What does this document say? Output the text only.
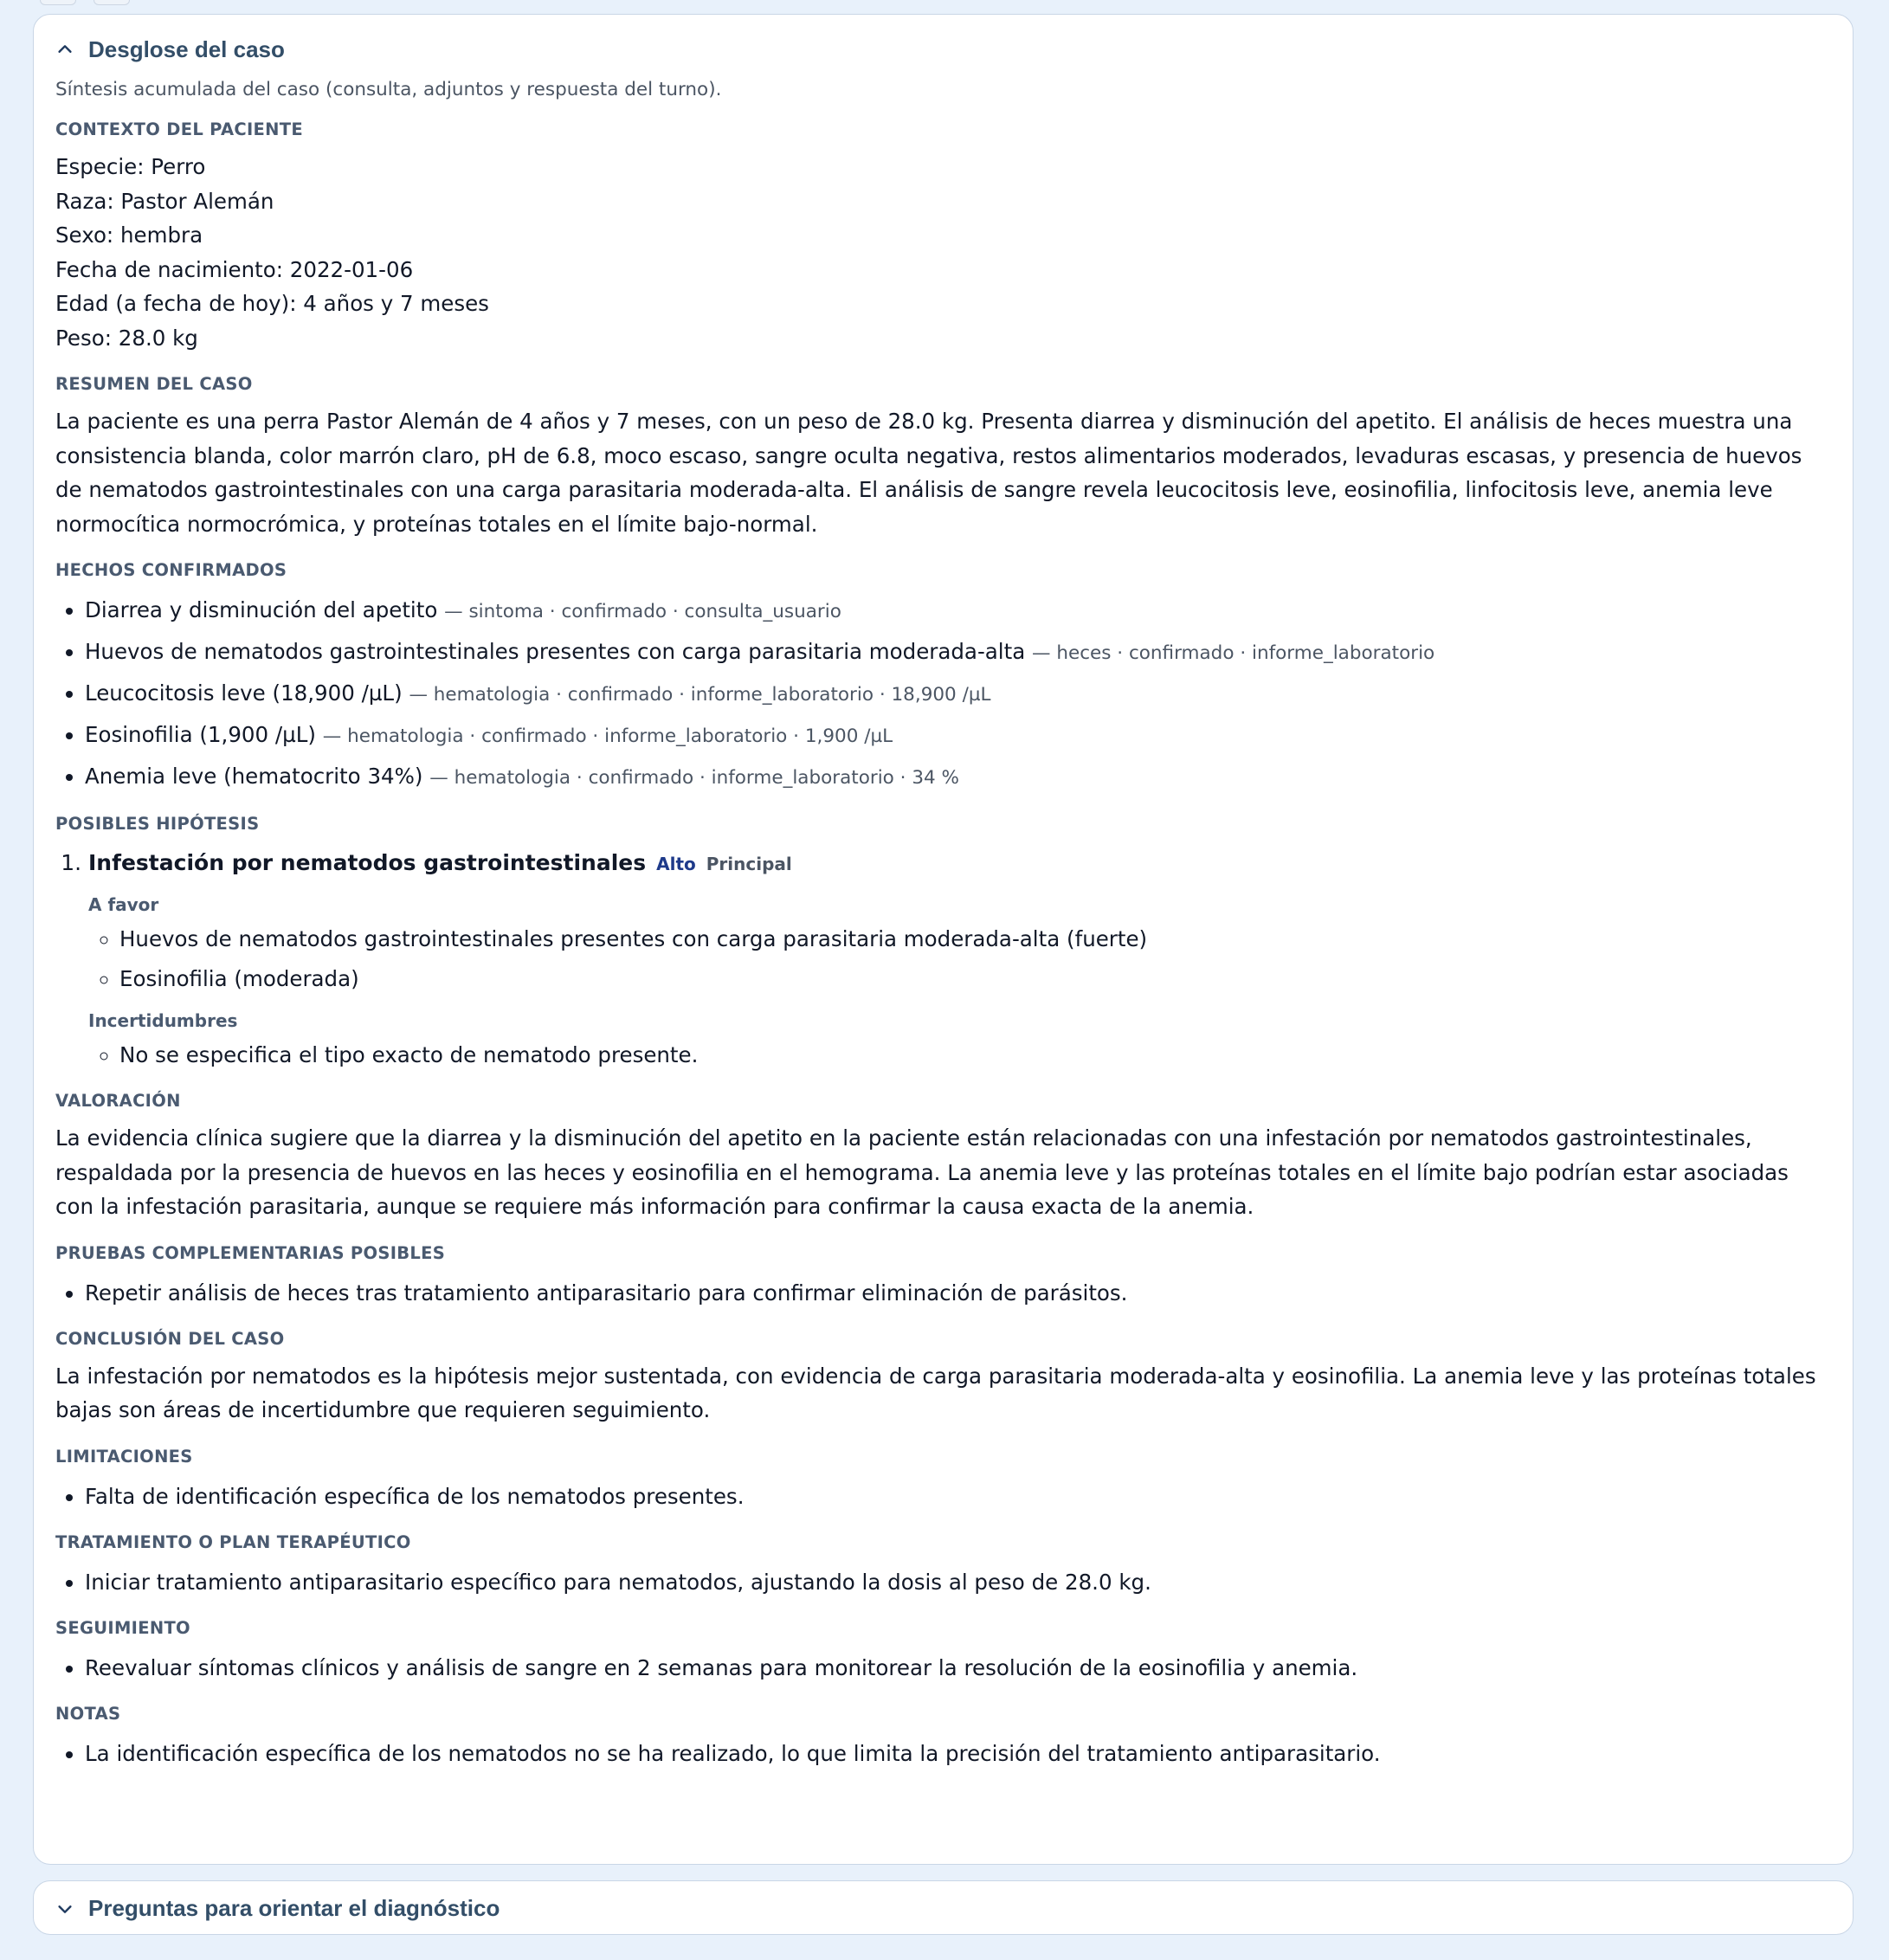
Desglose del caso
Síntesis acumulada del caso (consulta, adjuntos y respuesta del turno).
CONTEXTO DEL PACIENTE
Especie: Perro
Raza: Pastor Alemán
Sexo: hembra
Fecha de nacimiento: 2022-01-06
Edad (a fecha de hoy): 4 años y 7 meses
Peso: 28.0 kg
RESUMEN DEL CASO
La paciente es una perra Pastor Alemán de 4 años y 7 meses, con un peso de 28.0 kg. Presenta diarrea y disminución del apetito. El análisis de heces muestra una consistencia blanda, color marrón claro, pH de 6.8, moco escaso, sangre oculta negativa, restos alimentarios moderados, levaduras escasas, y presencia de huevos de nematodos gastrointestinales con una carga parasitaria moderada-alta. El análisis de sangre revela leucocitosis leve, eosinofilia, linfocitosis leve, anemia leve normocítica normocrómica, y proteínas totales en el límite bajo-normal.
HECHOS CONFIRMADOS
• Diarrea y disminución del apetito — sintoma · confirmado · consulta_usuario
• Huevos de nematodos gastrointestinales presentes con carga parasitaria moderada-alta — heces · confirmado · informe_laboratorio
• Leucocitosis leve (18,900 /µL) — hematologia · confirmado · informe_laboratorio · 18,900 /µL
• Eosinofilia (1,900 /µL) — hematologia · confirmado · informe_laboratorio · 1,900 /µL
• Anemia leve (hematocrito 34%) — hematologia · confirmado · informe_laboratorio · 34 %
POSIBLES HIPÓTESIS
1. Infestación por nematodos gastrointestinales Alto Principal
A favor
◦ Huevos de nematodos gastrointestinales presentes con carga parasitaria moderada-alta (fuerte)
◦ Eosinofilia (moderada)
Incertidumbres
◦ No se especifica el tipo exacto de nematodo presente.
VALORACIÓN
La evidencia clínica sugiere que la diarrea y la disminución del apetito en la paciente están relacionadas con una infestación por nematodos gastrointestinales, respaldada por la presencia de huevos en las heces y eosinofilia en el hemograma. La anemia leve y las proteínas totales en el límite bajo podrían estar asociadas con la infestación parasitaria, aunque se requiere más información para confirmar la causa exacta de la anemia.
PRUEBAS COMPLEMENTARIAS POSIBLES
• Repetir análisis de heces tras tratamiento antiparasitario para confirmar eliminación de parásitos.
CONCLUSIÓN DEL CASO
La infestación por nematodos es la hipótesis mejor sustentada, con evidencia de carga parasitaria moderada-alta y eosinofilia. La anemia leve y las proteínas totales bajas son áreas de incertidumbre que requieren seguimiento.
LIMITACIONES
• Falta de identificación específica de los nematodos presentes.
TRATAMIENTO O PLAN TERAPÉUTICO
• Iniciar tratamiento antiparasitario específico para nematodos, ajustando la dosis al peso de 28.0 kg.
SEGUIMIENTO
• Reevaluar síntomas clínicos y análisis de sangre en 2 semanas para monitorear la resolución de la eosinofilia y anemia.
NOTAS
• La identificación específica de los nematodos no se ha realizado, lo que limita la precisión del tratamiento antiparasitario.
Preguntas para orientar el diagnóstico
